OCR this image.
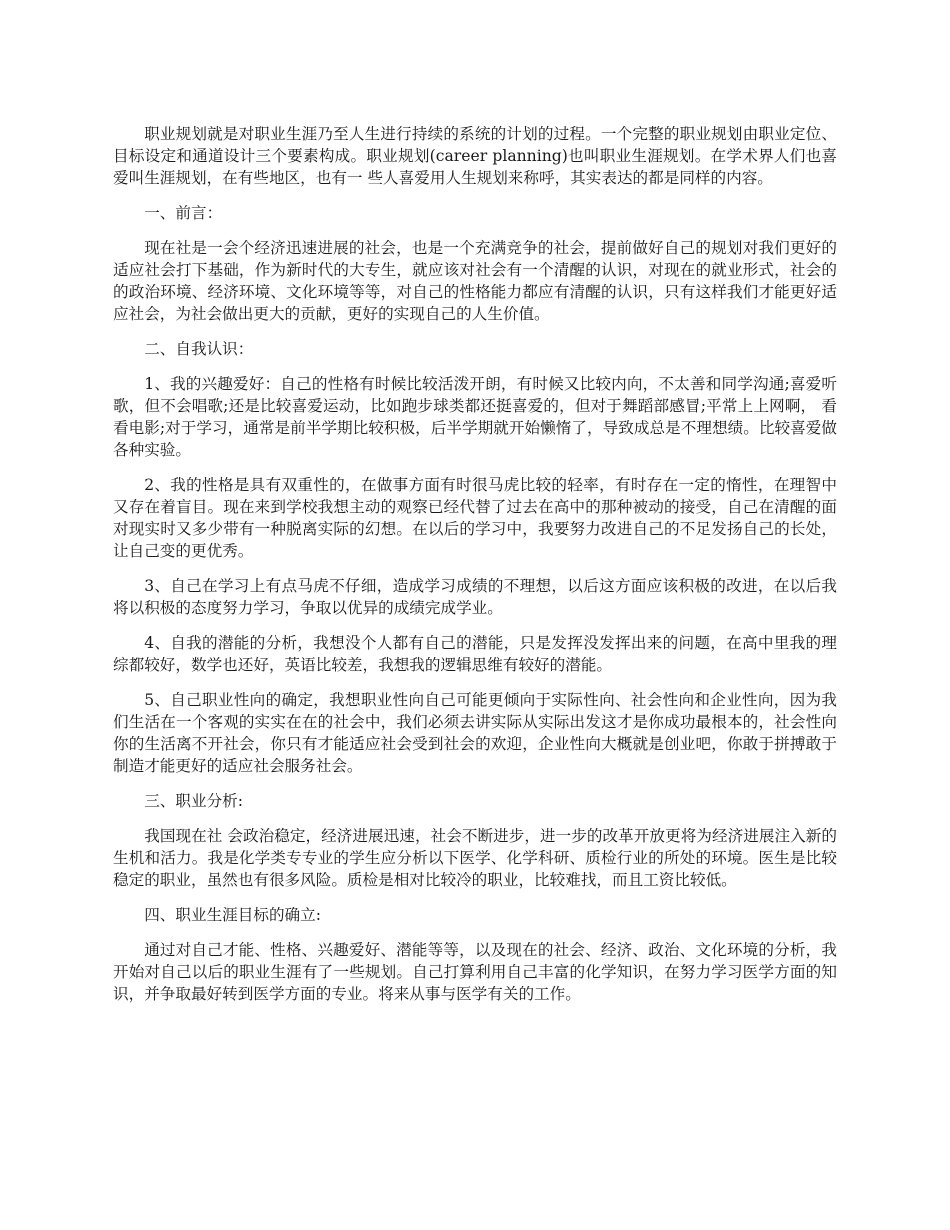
职业规划就是对职业生涯乃至人生进行持续的系统的计划的过程。一个完整的职业规划由职业定位、目标设定和通道设计三个要素构成。职业规划(career planning)也叫职业生涯规划。在学术界人们也喜爱叫生涯规划，在有些地区，也有一 些人喜爱用人生规划来称呼，其实表达的都是同样的内容。

一、前言：

现在社是一会个经济迅速进展的社会，也是一个充满竞争的社会，提前做好自己的规划对我们更好的适应社会打下基础，作为新时代的大专生，就应该对社会有一个清醒的认识，对现在的就业形式，社会的的政治环境、经济环境、文化环境等等，对自己的性格能力都应有清醒的认识，只有这样我们才能更好适应社会，为社会做出更大的贡献，更好的实现自己的人生价值。

二、自我认识：

1、我的兴趣爱好：自己的性格有时候比较活泼开朗，有时候又比较内向，不太善和同学沟通;喜爱听歌，但不会唱歌;还是比较喜爱运动，比如跑步球类都还挺喜爱的，但对于舞蹈部感冒;平常上上网啊， 看看电影;对于学习，通常是前半学期比较积极，后半学期就开始懒惰了，导致成总是不理想绩。比较喜爱做各种实验。

2、我的性格是具有双重性的，在做事方面有时很马虎比较的轻率，有时存在一定的惰性，在理智中又存在着盲目。现在来到学校我想主动的观察已经代替了过去在高中的那种被动的接受，自己在清醒的面对现实时又多少带有一种脱离实际的幻想。在以后的学习中，我要努力改进自己的不足发扬自己的长处，让自己变的更优秀。

3、自己在学习上有点马虎不仔细，造成学习成绩的不理想，以后这方面应该积极的改进，在以后我将以积极的态度努力学习，争取以优异的成绩完成学业。

4、自我的潜能的分析，我想没个人都有自己的潜能，只是发挥没发挥出来的问题，在高中里我的理综都较好，数学也还好，英语比较差，我想我的逻辑思维有较好的潜能。

5、自己职业性向的确定，我想职业性向自己可能更倾向于实际性向、社会性向和企业性向，因为我们生活在一个客观的实实在在的社会中，我们必须去讲实际从实际出发这才是你成功最根本的，社会性向你的生活离不开社会，你只有才能适应社会受到社会的欢迎，企业性向大概就是创业吧，你敢于拼搏敢于制造才能更好的适应社会服务社会。

三、职业分析:

我国现在社 会政治稳定，经济进展迅速，社会不断进步，进一步的改革开放更将为经济进展注入新的生机和活力。我是化学类专专业的学生应分析以下医学、化学科研、质检行业的所处的环境。医生是比较稳定的职业，虽然也有很多风险。质检是相对比较冷的职业，比较难找，而且工资比较低。

四、职业生涯目标的确立:

通过对自己才能、性格、兴趣爱好、潜能等等，以及现在的社会、经济、政治、文化环境的分析，我开始对自己以后的职业生涯有了一些规划。自己打算利用自己丰富的化学知识，在努力学习医学方面的知识，并争取最好转到医学方面的专业。将来从事与医学有关的工作。
